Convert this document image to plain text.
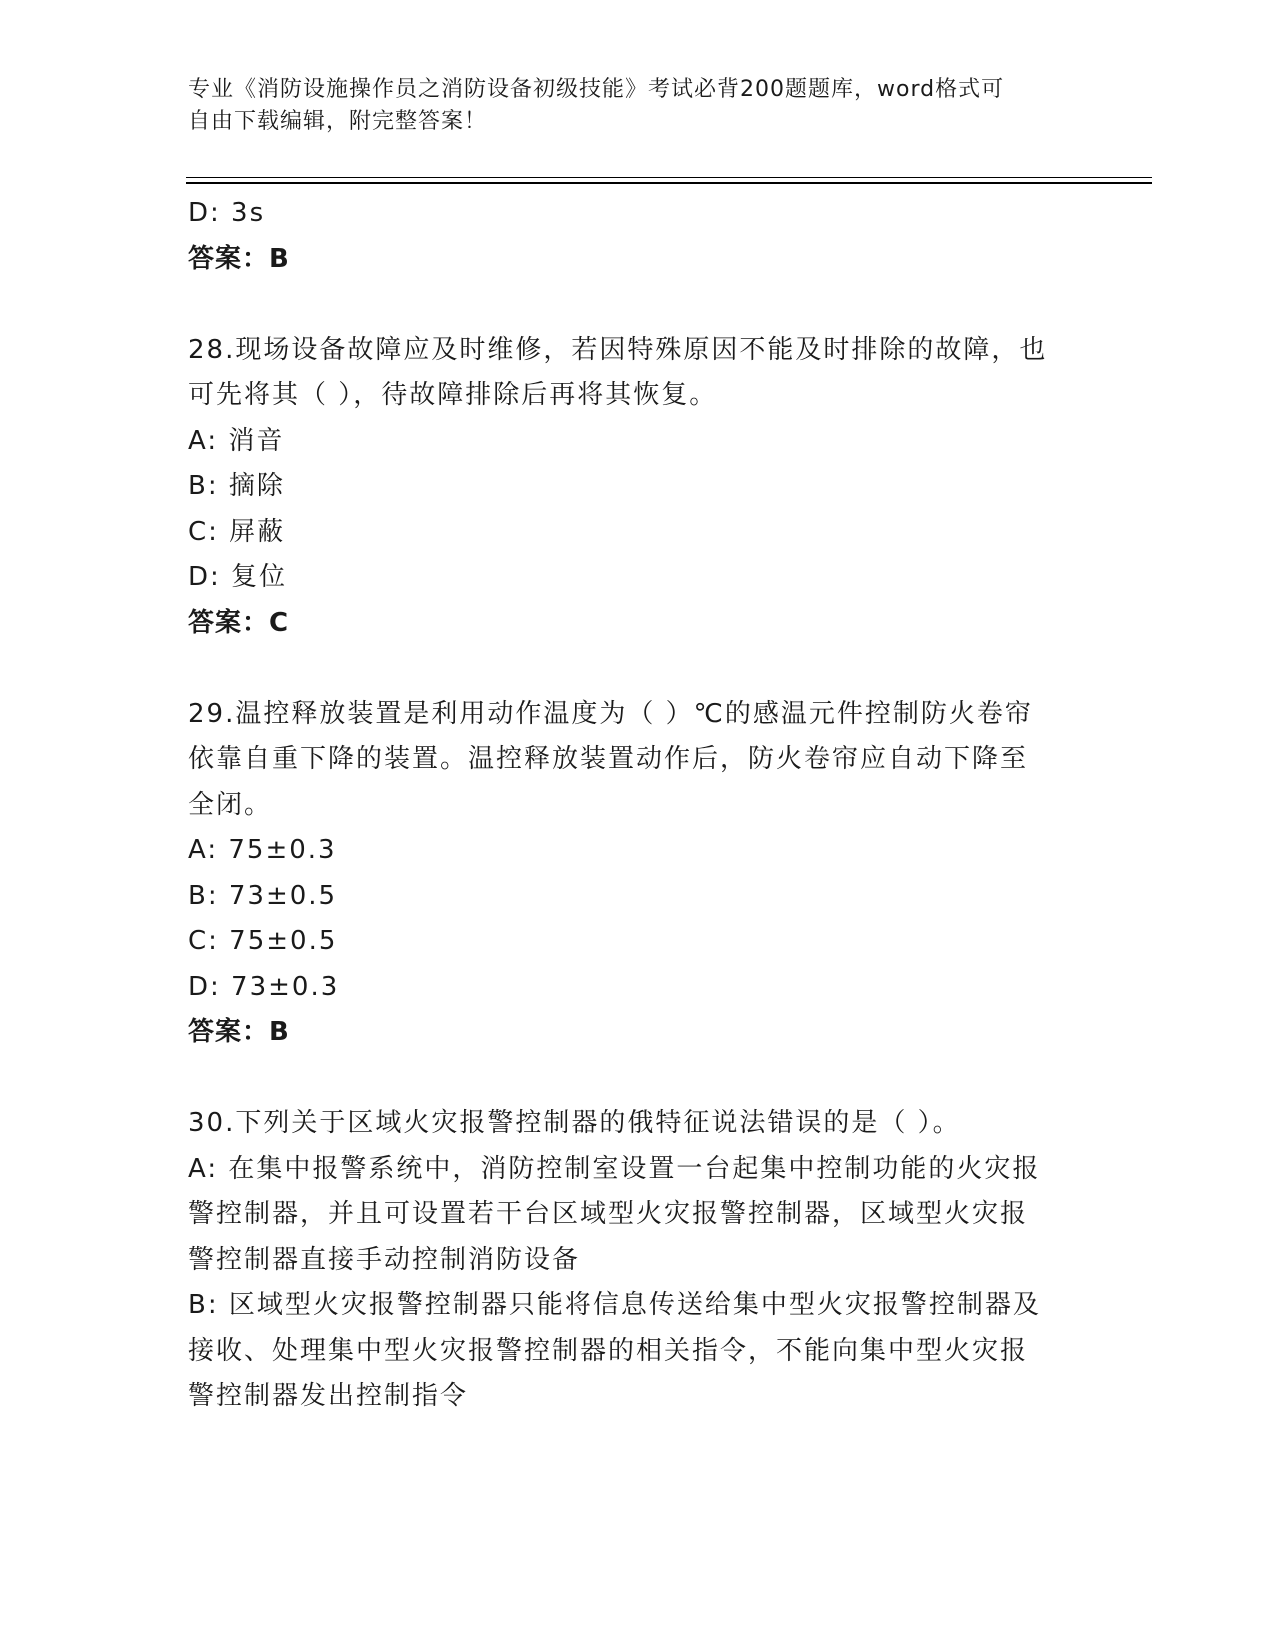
专业《消防设施操作员之消防设备初级技能》考试必背200题题库，word格式可
自由下载编辑，附完整答案！
D: 3s
答案：B
28.现场设备故障应及时维修，若因特殊原因不能及时排除的故障，也
可先将其（ ），待故障排除后再将其恢复。
A: 消音
B: 摘除
C: 屏蔽
D: 复位
答案：C
29.温控释放装置是利用动作温度为（ ）℃的感温元件控制防火卷帘
依靠自重下降的装置。温控释放装置动作后，防火卷帘应自动下降至
全闭。
A: 75±0.3
B: 73±0.5
C: 75±0.5
D: 73±0.3
答案：B
30.下列关于区域火灾报警控制器的俄特征说法错误的是（ ）。
A: 在集中报警系统中，消防控制室设置一台起集中控制功能的火灾报
警控制器，并且可设置若干台区域型火灾报警控制器，区域型火灾报
警控制器直接手动控制消防设备
B: 区域型火灾报警控制器只能将信息传送给集中型火灾报警控制器及
接收、处理集中型火灾报警控制器的相关指令，不能向集中型火灾报
警控制器发出控制指令
